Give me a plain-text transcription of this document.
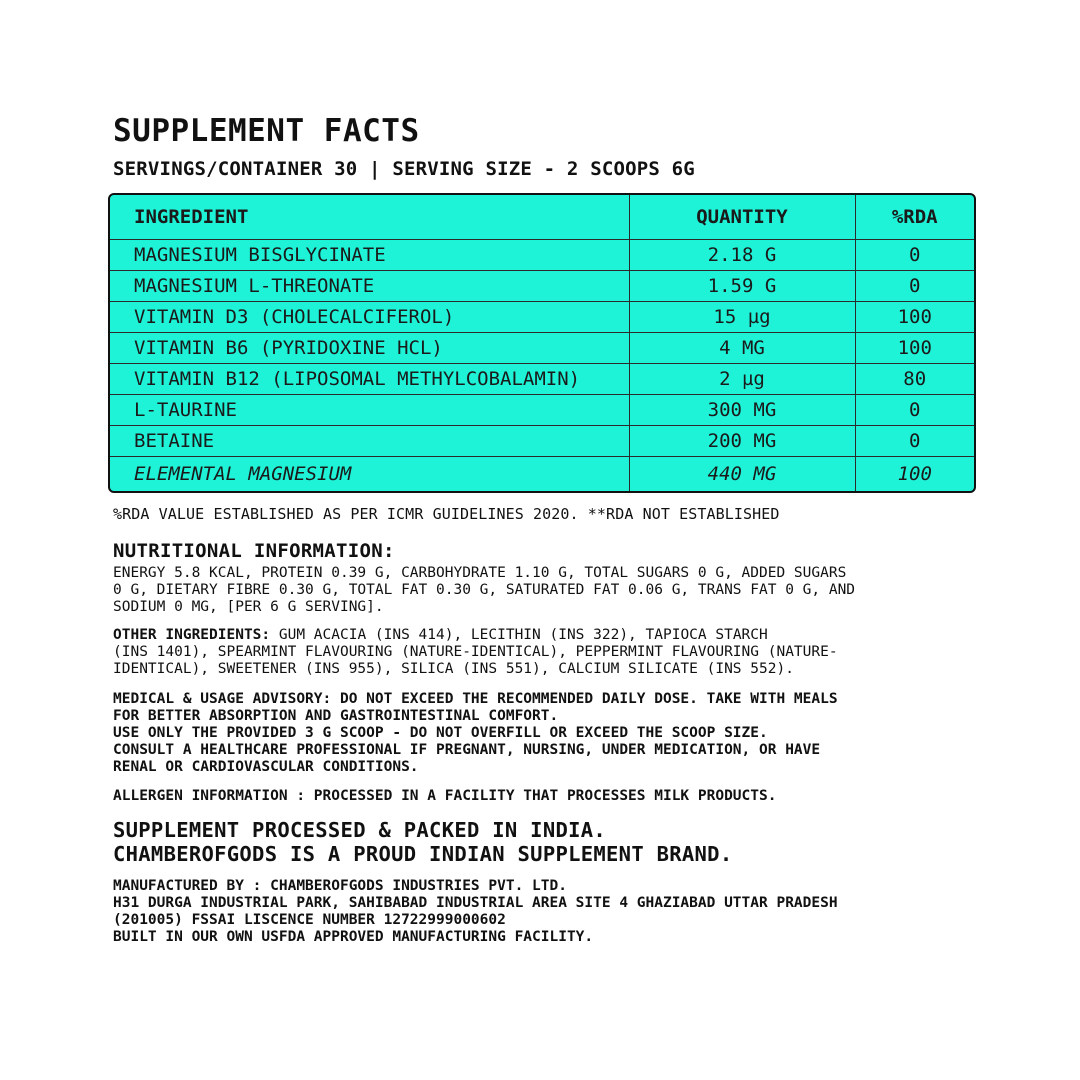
SUPPLEMENT FACTS
SERVINGS/CONTAINER 30 | SERVING SIZE - 2 SCOOPS 6G
INGREDIENT	QUANTITY	%RDA
MAGNESIUM BISGLYCINATE	2.18 G	0
MAGNESIUM L-THREONATE	1.59 G	0
VITAMIN D3 (CHOLECALCIFEROL)	15 µg	100
VITAMIN B6 (PYRIDOXINE HCL)	4 MG	100
VITAMIN B12 (LIPOSOMAL METHYLCOBALAMIN)	2 µg	80
L-TAURINE	300 MG	0
BETAINE	200 MG	0
ELEMENTAL MAGNESIUM	440 MG	100
%RDA VALUE ESTABLISHED AS PER ICMR GUIDELINES 2020. **RDA NOT ESTABLISHED
NUTRITIONAL INFORMATION:

ENERGY 5.8 KCAL, PROTEIN 0.39 G, CARBOHYDRATE 1.10 G, TOTAL SUGARS 0 G, ADDED SUGARS
0 G, DIETARY FIBRE 0.30 G, TOTAL FAT 0.30 G, SATURATED FAT 0.06 G, TRANS FAT 0 G, AND
SODIUM 0 MG, [PER 6 G SERVING].

OTHER INGREDIENTS: GUM ACACIA (INS 414), LECITHIN (INS 322), TAPIOCA STARCH
(INS 1401), SPEARMINT FLAVOURING (NATURE-IDENTICAL), PEPPERMINT FLAVOURING (NATURE-
IDENTICAL), SWEETENER (INS 955), SILICA (INS 551), CALCIUM SILICATE (INS 552).

MEDICAL & USAGE ADVISORY: DO NOT EXCEED THE RECOMMENDED DAILY DOSE. TAKE WITH MEALS
FOR BETTER ABSORPTION AND GASTROINTESTINAL COMFORT.
USE ONLY THE PROVIDED 3 G SCOOP - DO NOT OVERFILL OR EXCEED THE SCOOP SIZE.
CONSULT A HEALTHCARE PROFESSIONAL IF PREGNANT, NURSING, UNDER MEDICATION, OR HAVE
RENAL OR CARDIOVASCULAR CONDITIONS.

ALLERGEN INFORMATION : PROCESSED IN A FACILITY THAT PROCESSES MILK PRODUCTS.

SUPPLEMENT PROCESSED & PACKED IN INDIA.
CHAMBEROFGODS IS A PROUD INDIAN SUPPLEMENT BRAND.

MANUFACTURED BY : CHAMBEROFGODS INDUSTRIES PVT. LTD.
H31 DURGA INDUSTRIAL PARK, SAHIBABAD INDUSTRIAL AREA SITE 4 GHAZIABAD UTTAR PRADESH
(201005) FSSAI LISCENCE NUMBER 12722999000602
BUILT IN OUR OWN USFDA APPROVED MANUFACTURING FACILITY.
